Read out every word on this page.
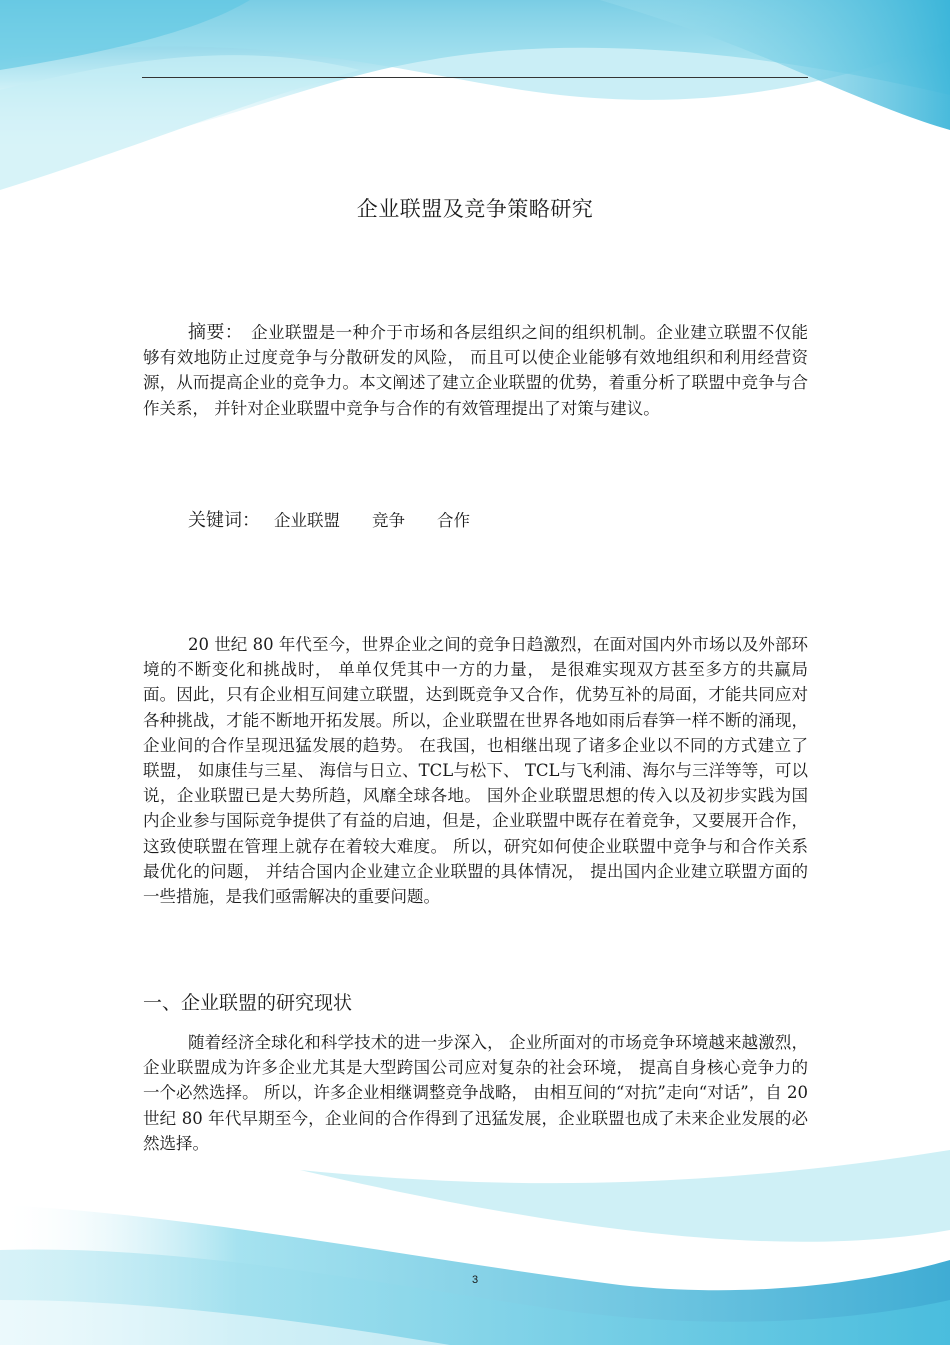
企业联盟及竞争策略研究
摘要： 企业联盟是一种介于市场和各层组织之间的组织机制。企业建立联盟不仅能够有效地防止过度竞争与分散研发的风险， 而且可以使企业能够有效地组织和利用经营资源，从而提高企业的竞争力。本文阐述了建立企业联盟的优势，着重分析了联盟中竞争与合作关系， 并针对企业联盟中竞争与合作的有效管理提出了对策与建议。
关键词： 企业联盟 竞争 合作
20 世纪 80 年代至今，世界企业之间的竞争日趋激烈，在面对国内外市场以及外部环境的不断变化和挑战时， 单单仅凭其中一方的力量， 是很难实现双方甚至多方的共赢局面。因此，只有企业相互间建立联盟，达到既竞争又合作，优势互补的局面，才能共同应对各种挑战，才能不断地开拓发展。所以，企业联盟在世界各地如雨后春笋一样不断的涌现， 企业间的合作呈现迅猛发展的趋势。 在我国，也相继出现了诸多企业以不同的方式建立了联盟， 如康佳与三星、 海信与日立、TCL与松下、 TCL与飞利浦、海尔与三洋等等，可以说，企业联盟已是大势所趋，风靡全球各地。 国外企业联盟思想的传入以及初步实践为国内企业参与国际竞争提供了有益的启迪，但是，企业联盟中既存在着竞争，又要展开合作，这致使联盟在管理上就存在着较大难度。 所以，研究如何使企业联盟中竞争与和合作关系最优化的问题， 并结合国内企业建立企业联盟的具体情况， 提出国内企业建立联盟方面的一些措施，是我们亟需解决的重要问题。
一、企业联盟的研究现状
随着经济全球化和科学技术的进一步深入， 企业所面对的市场竞争环境越来越激烈，企业联盟成为许多企业尤其是大型跨国公司应对复杂的社会环境， 提高自身核心竞争力的一个必然选择。 所以，许多企业相继调整竞争战略， 由相互间的“对抗”走向“对话”，自 20 世纪 80 年代早期至今，企业间的合作得到了迅猛发展，企业联盟也成了未来企业发展的必然选择。
3
